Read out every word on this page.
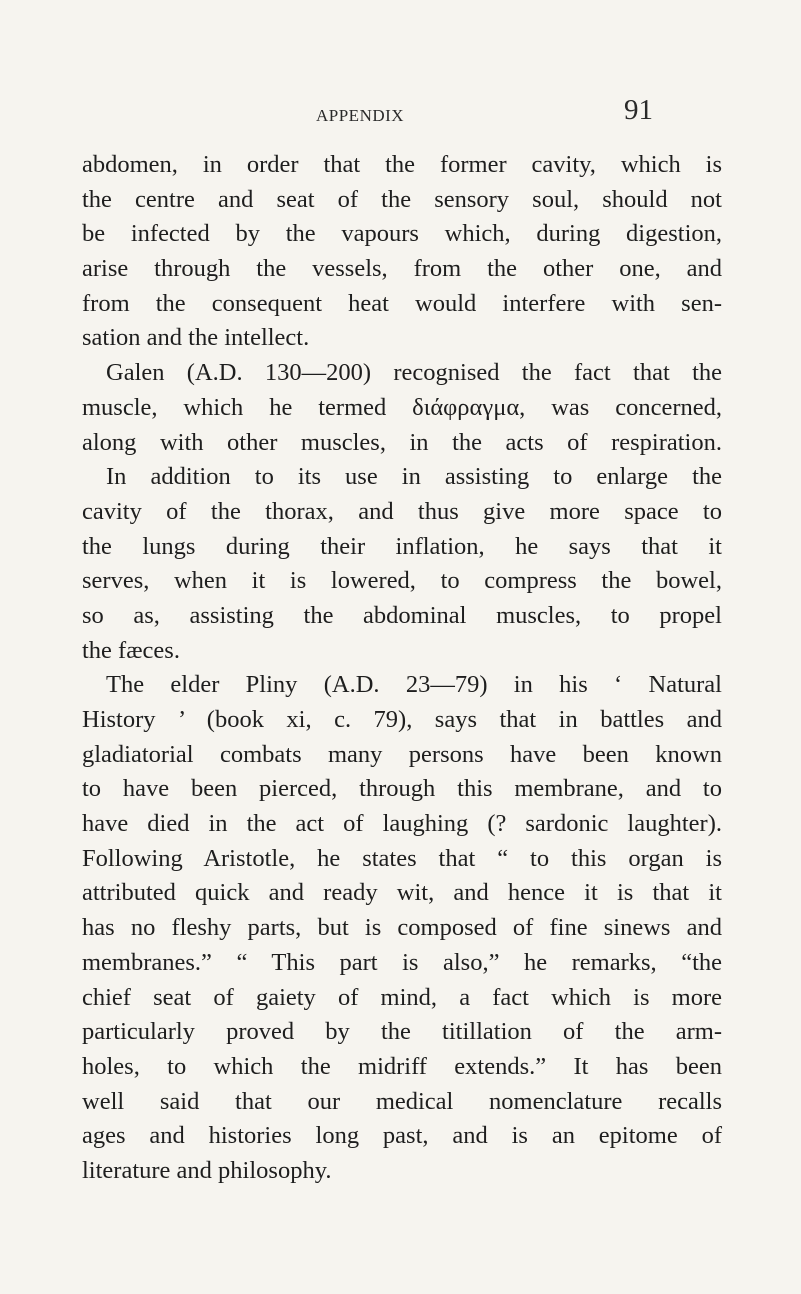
APPENDIX	91
abdomen, in order that the former cavity, which is
the centre and seat of the sensory soul, should not
be infected by the vapours which, during digestion,
arise through the vessels, from the other one, and
from the consequent heat would interfere with sen-
sation and the intellect.
Galen (A.D. 130—200) recognised the fact that the
muscle, which he termed διάφραγμα, was concerned,
along with other muscles, in the acts of respiration.
In addition to its use in assisting to enlarge the
cavity of the thorax, and thus give more space to
the lungs during their inflation, he says that it
serves, when it is lowered, to compress the bowel,
so as, assisting the abdominal muscles, to propel
the fæces.
The elder Pliny (A.D. 23—79) in his ‘ Natural
History ’ (book xi, c. 79), says that in battles and
gladiatorial combats many persons have been known
to have been pierced, through this membrane, and to
have died in the act of laughing (? sardonic laughter).
Following Aristotle, he states that “ to this organ is
attributed quick and ready wit, and hence it is that it
has no fleshy parts, but is composed of fine sinews and
membranes.” “ This part is also,” he remarks, “the
chief seat of gaiety of mind, a fact which is more
particularly proved by the titillation of the arm-
holes, to which the midriff extends.” It has been
well said that our medical nomenclature recalls
ages and histories long past, and is an epitome of
literature and philosophy.
